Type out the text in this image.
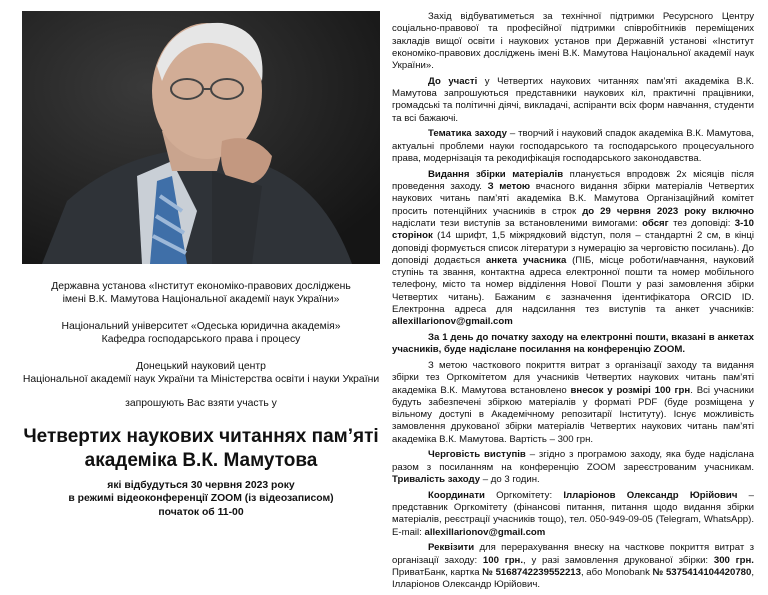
Державна установа «Інститут економіко-правових досліджень
імені В.К. Мамутова Національної академії наук України»
Національний університет «Одеська юридична академія»
Кафедра господарського права і процесу
Донецький науковий центр
Національної академії наук України та Міністерства освіти і науки України
запрошують Вас взяти участь у
Четвертих наукових читаннях пам’яті
академіка В.К. Мамутова
які відбудуться 30 червня 2023 року
в режимі відеоконференції ZOOM (із відеозаписом)
початок об 11-00

Захід відбуватиметься за технічної підтримки Ресурсного Центру соціально-правової та професійної підтримки співробітників переміщених закладів вищої освіти і наукових установ при Державній установі «Інститут економіко-правових досліджень імені В.К. Мамутова Національної академії наук України».

До участі у Четвертих наукових читаннях пам’яті академіка В.К. Мамутова запрошуються представники наукових кіл, практичні працівники, громадські та політичні діячі, викладачі, аспіранти всіх форм навчання, студенти та всі бажаючі.

Тематика заходу – творчий і науковий спадок академіка В.К. Мамутова, актуальні проблеми науки господарського та господарського процесуального права, модернізація та рекодифікація господарського законодавства.

Видання збірки матеріалів планується впродовж 2х місяців після проведення заходу. З метою вчасного видання збірки матеріалів Четвертих наукових читань пам’яті академіка В.К. Мамутова Організаційний комітет просить потенційних учасників в строк до 29 червня 2023 року включно надіслати тези виступів за встановленими вимогами: обсяг тез доповіді: 3-10 сторінок (14 шрифт, 1,5 міжрядковий відступ, поля – стандартні 2 см, в кінці доповіді формується список літератури з нумерацію за черговістю посилань). До доповіді додається анкета учасника (ПІБ, місце роботи/навчання, науковий ступінь та звання, контактна адреса електронної пошти та номер мобільного телефону, місто та номер відділення Нової Пошти у разі замовлення збірки Четвертих читань). Бажаним є зазначення ідентифікатора ORCID ID. Електронна адреса для надсилання тез виступів та анкет учасників: allexillarionov@gmail.com

За 1 день до початку заходу на електронні пошти, вказані в анкетах учасників, буде надіслане посилання на конференцію ZOOM.

З метою часткового покриття витрат з організації заходу та видання збірки тез Оргкомітетом для учасників Четвертих наукових читань пам’яті академіка В.К. Мамутова встановлено внесок у розмірі 100 грн. Всі учасники будуть забезпечені збіркою матеріалів у форматі PDF (буде розміщена у вільному доступі в Академічному репозитарії Інституту). Існує можливість замовлення друкованої збірки матеріалів Четвертих наукових читань пам’яті академіка В.К. Мамутова. Вартість – 300 грн.

Черговість виступів – згідно з програмою заходу, яка буде надіслана разом з посиланням на конференцію ZOOM зареєстрованим учасникам. Тривалість заходу – до 3 годин.

Координати Оргкомітету: Ілларіонов Олександр Юрійович – представник Оргкомітету (фінансові питання, питання щодо видання збірки матеріалів, реєстрації учасників тощо), тел. 050-949-09-05 (Telegram, WhatsApp). E-mail: allexillarionov@gmail.com

Реквізити для перерахування внеску на часткове покриття витрат з організації заходу: 100 грн., у разі замовлення друкованої збірки: 300 грн. ПриватБанк, картка № 5168742239552213, або Monobank № 5375414104420780, Ілларіонов Олександр Юрійович.
